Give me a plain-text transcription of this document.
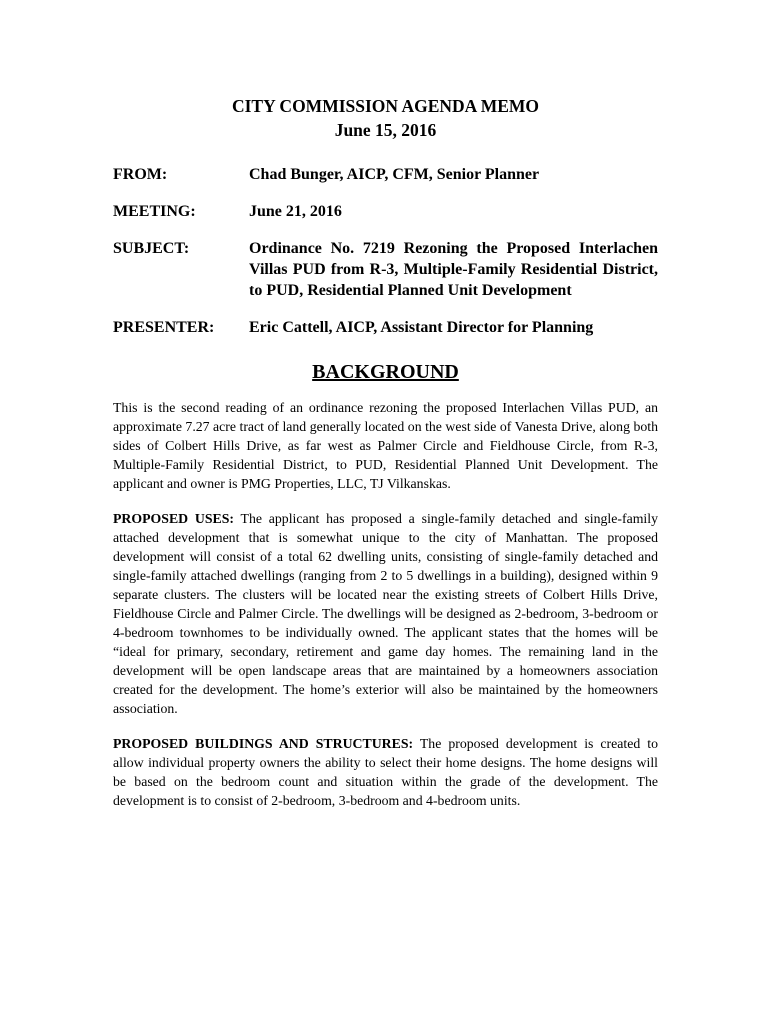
CITY COMMISSION AGENDA MEMO
June 15, 2016
FROM:	Chad Bunger, AICP, CFM, Senior Planner
MEETING:	June 21, 2016
SUBJECT:	Ordinance No. 7219 Rezoning the Proposed Interlachen Villas PUD from R-3, Multiple-Family Residential District, to PUD, Residential Planned Unit Development
PRESENTER:	Eric Cattell, AICP, Assistant Director for Planning
BACKGROUND

This is the second reading of an ordinance rezoning the proposed Interlachen Villas PUD, an approximate 7.27 acre tract of land generally located on the west side of Vanesta Drive, along both sides of Colbert Hills Drive, as far west as Palmer Circle and Fieldhouse Circle, from R-3, Multiple-Family Residential District, to PUD, Residential Planned Unit Development. The applicant and owner is PMG Properties, LLC, TJ Vilkanskas.

PROPOSED USES: The applicant has proposed a single-family detached and single-family attached development that is somewhat unique to the city of Manhattan. The proposed development will consist of a total 62 dwelling units, consisting of single-family detached and single-family attached dwellings (ranging from 2 to 5 dwellings in a building), designed within 9 separate clusters. The clusters will be located near the existing streets of Colbert Hills Drive, Fieldhouse Circle and Palmer Circle. The dwellings will be designed as 2-bedroom, 3-bedroom or 4-bedroom townhomes to be individually owned. The applicant states that the homes will be “ideal for primary, secondary, retirement and game day homes. The remaining land in the development will be open landscape areas that are maintained by a homeowners association created for the development. The home’s exterior will also be maintained by the homeowners association.

PROPOSED BUILDINGS AND STRUCTURES: The proposed development is created to allow individual property owners the ability to select their home designs. The home designs will be based on the bedroom count and situation within the grade of the development. The development is to consist of 2-bedroom, 3-bedroom and 4-bedroom units.
